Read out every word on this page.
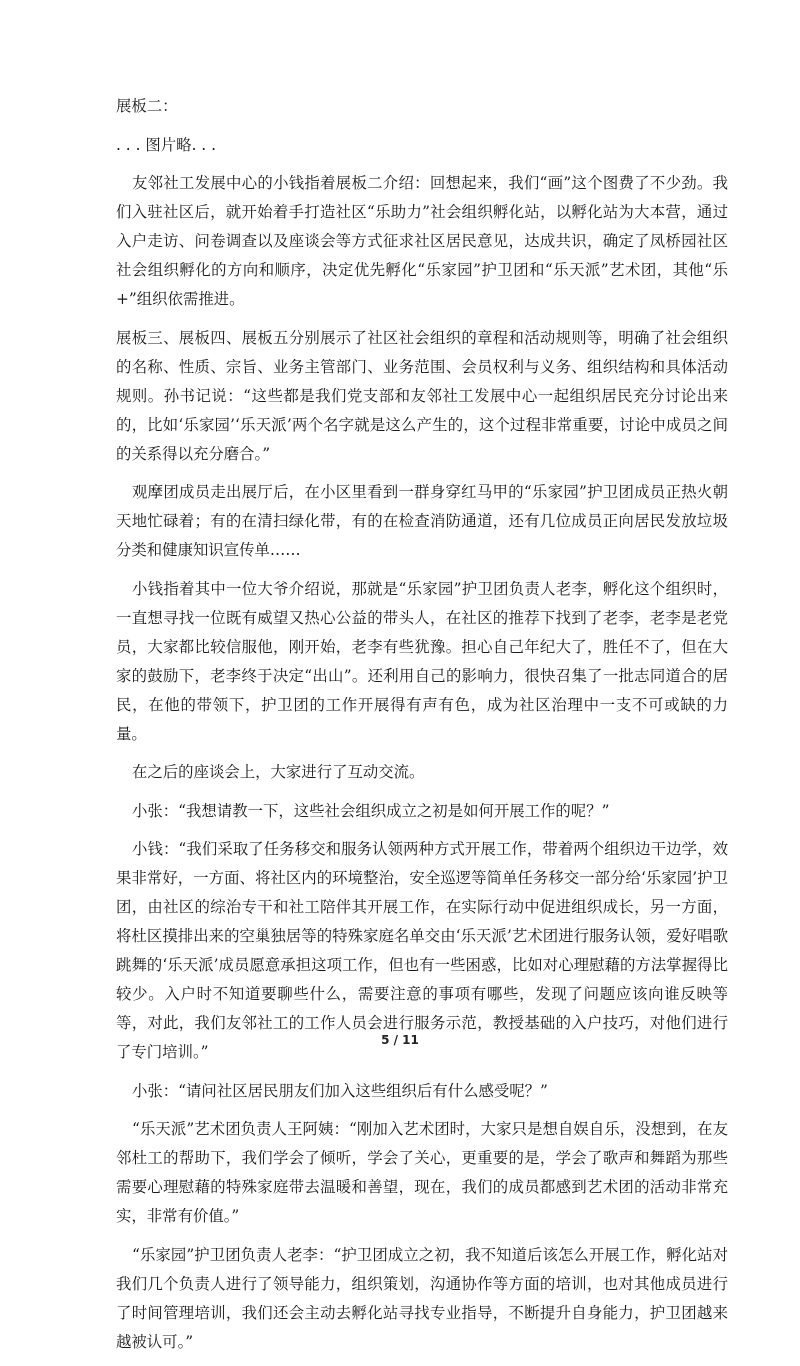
展板二：

. . . 图片略. . .

友邻社工发展中心的小钱指着展板二介绍：回想起来，我们“画”这个图费了不少劲。我们入驻社区后，就开始着手打造社区“乐助力”社会组织孵化站，以孵化站为大本营，通过入户走访、问卷调查以及座谈会等方式征求社区居民意见，达成共识，确定了凤桥园社区社会组织孵化的方向和顺序，决定优先孵化“乐家园”护卫团和“乐天派”艺术团，其他“乐+”组织依需推进。

展板三、展板四、展板五分别展示了社区社会组织的章程和活动规则等，明确了社会组织的名称、性质、宗旨、业务主管部门、业务范围、会员权利与义务、组织结构和具体活动规则。孙书记说：“这些都是我们党支部和友邻社工发展中心一起组织居民充分讨论出来的，比如‘乐家园’‘乐天派’两个名字就是这么产生的，这个过程非常重要，讨论中成员之间的关系得以充分磨合。”

观摩团成员走出展厅后，在小区里看到一群身穿红马甲的“乐家园”护卫团成员正热火朝天地忙碌着；有的在清扫绿化带，有的在检查消防通道，还有几位成员正向居民发放垃圾分类和健康知识宣传单……

小钱指着其中一位大爷介绍说，那就是“乐家园”护卫团负责人老李，孵化这个组织时，一直想寻找一位既有威望又热心公益的带头人，在社区的推荐下找到了老李，老李是老党员，大家都比较信服他，刚开始，老李有些犹豫。担心自己年纪大了，胜任不了，但在大家的鼓励下，老李终于决定“出山”。还利用自己的影响力，很快召集了一批志同道合的居民，在他的带领下，护卫团的工作开展得有声有色，成为社区治理中一支不可或缺的力量。

在之后的座谈会上，大家进行了互动交流。

小张：“我想请教一下，这些社会组织成立之初是如何开展工作的呢？”

小钱：“我们采取了任务移交和服务认领两种方式开展工作，带着两个组织边干边学，效果非常好，一方面、将社区内的环境整治，安全巡逻等简单任务移交一部分给‘乐家园’护卫团，由社区的综治专干和社工陪伴其开展工作，在实际行动中促进组织成长，另一方面，将杜区摸排出来的空巢独居等的特殊家庭名单交由‘乐天派’艺术团进行服务认领，爱好唱歌跳舞的‘乐天派’成员愿意承担这项工作，但也有一些困惑，比如对心理慰藉的方法掌握得比较少。入户时不知道要聊些什么，需要注意的事项有哪些，发现了问题应该向谁反映等等，对此，我们友邻社工的工作人员会进行服务示范，教授基础的入户技巧，对他们进行了专门培训。”

小张：“请问社区居民朋友们加入这些组织后有什么感受呢？”

“乐天派”艺术团负责人王阿姨：“刚加入艺术团时，大家只是想自娱自乐，没想到，在友邻杜工的帮助下，我们学会了倾听，学会了关心，更重要的是，学会了歌声和舞蹈为那些需要心理慰藉的特殊家庭带去温暖和善望，现在，我们的成员都感到艺术团的活动非常充实，非常有价值。”

“乐家园”护卫团负责人老李：“护卫团成立之初，我不知道后该怎么开展工作，孵化站对我们几个负责人进行了领导能力，组织策划，沟通协作等方面的培训，也对其他成员进行了时间管理培训，我们还会主动去孵化站寻找专业指导，不断提升自身能力，护卫团越来越被认可。”

5 / 11
